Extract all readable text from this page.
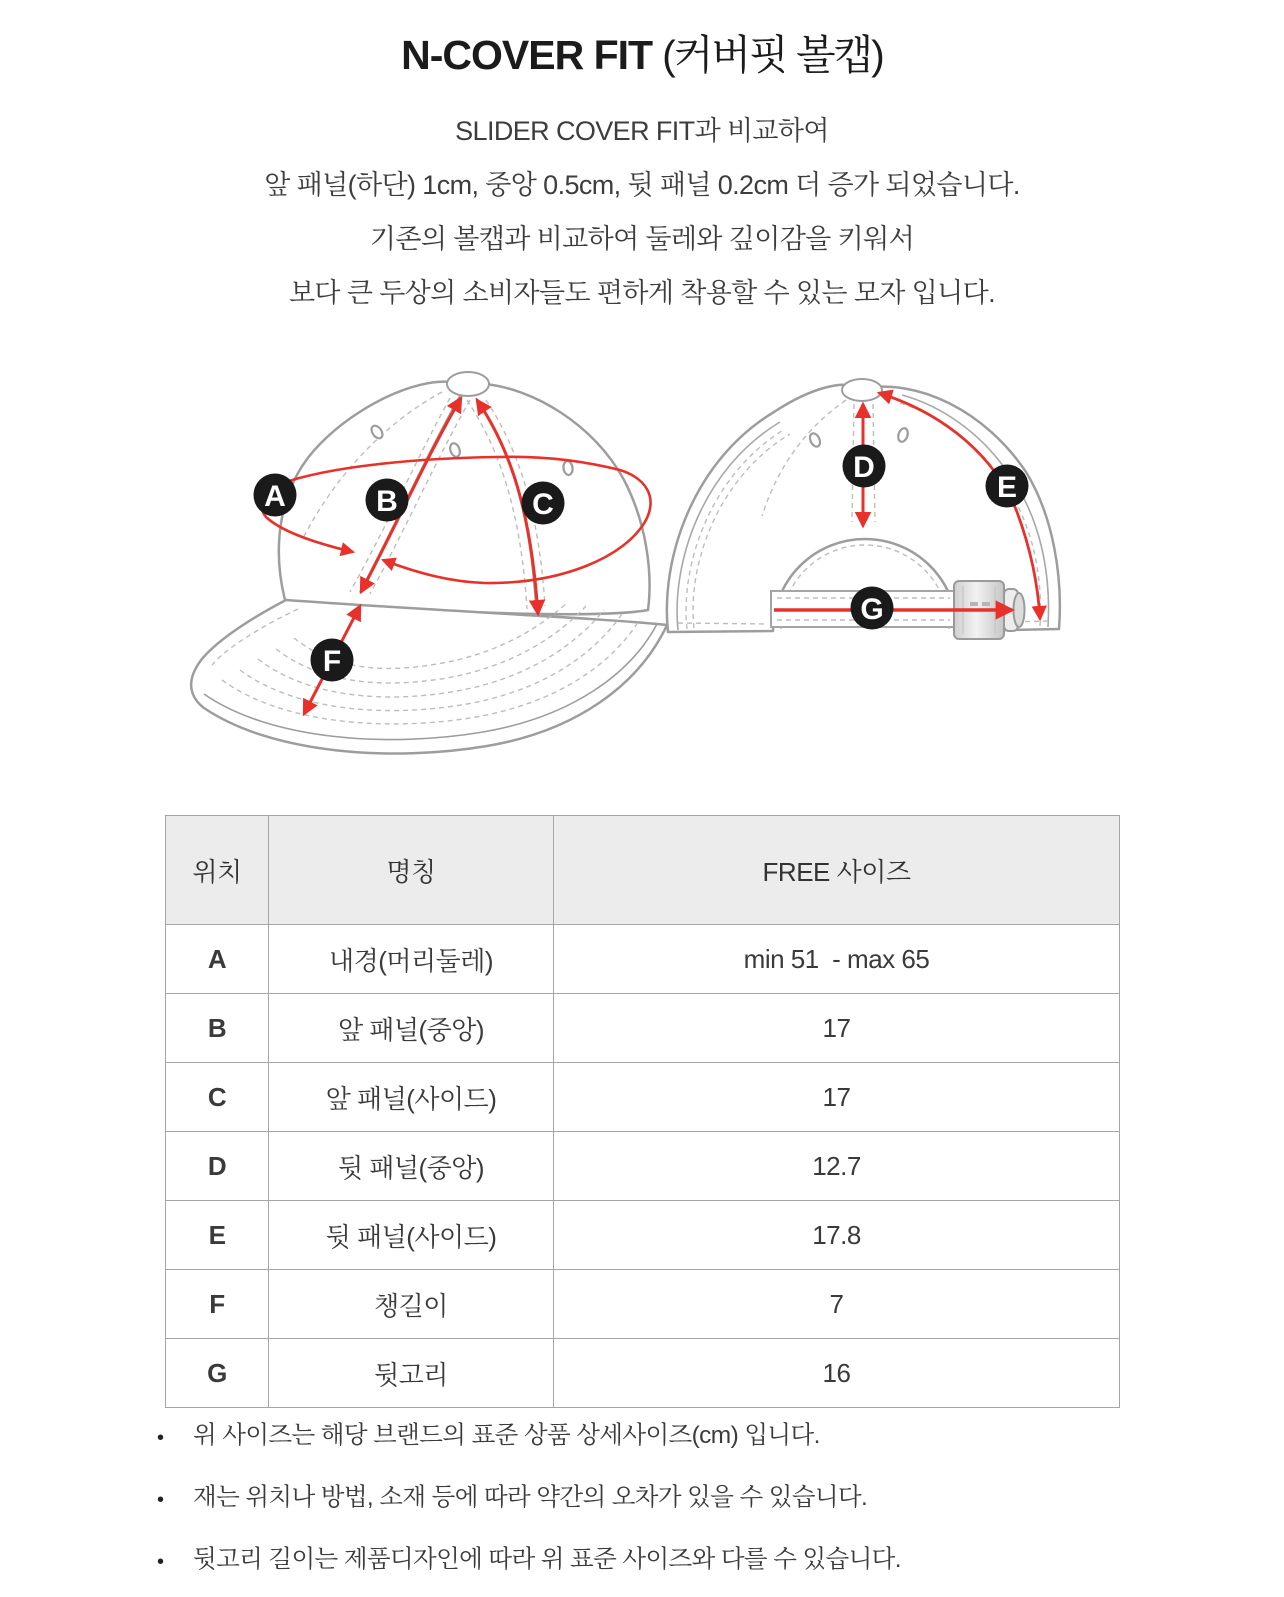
N-COVER FIT (커버핏 볼캡)
SLIDER COVER FIT과 비교하여
앞 패널(하단) 1cm, 중앙 0.5cm, 뒷 패널 0.2cm 더 증가 되었습니다.
기존의 볼캡과 비교하여 둘레와 깊이감을 키워서
보다 큰 두상의 소비자들도 편하게 착용할 수 있는 모자 입니다.
D
E
G
A	B	C
F
위치	명칭	FREE 사이즈
A	내경(머리둘레)	min 51  - max 65
B	앞 패널(중앙)	17
C	앞 패널(사이드)	17
D	뒷 패널(중앙)	12.7
E	뒷 패널(사이드)	17.8
F	챙길이	7
G	뒷고리	16
•	위 사이즈는 해당 브랜드의 표준 상품 상세사이즈(cm) 입니다.
•	재는 위치나 방법, 소재 등에 따라 약간의 오차가 있을 수 있습니다.
•	뒷고리 길이는 제품디자인에 따라 위 표준 사이즈와 다를 수 있습니다.
